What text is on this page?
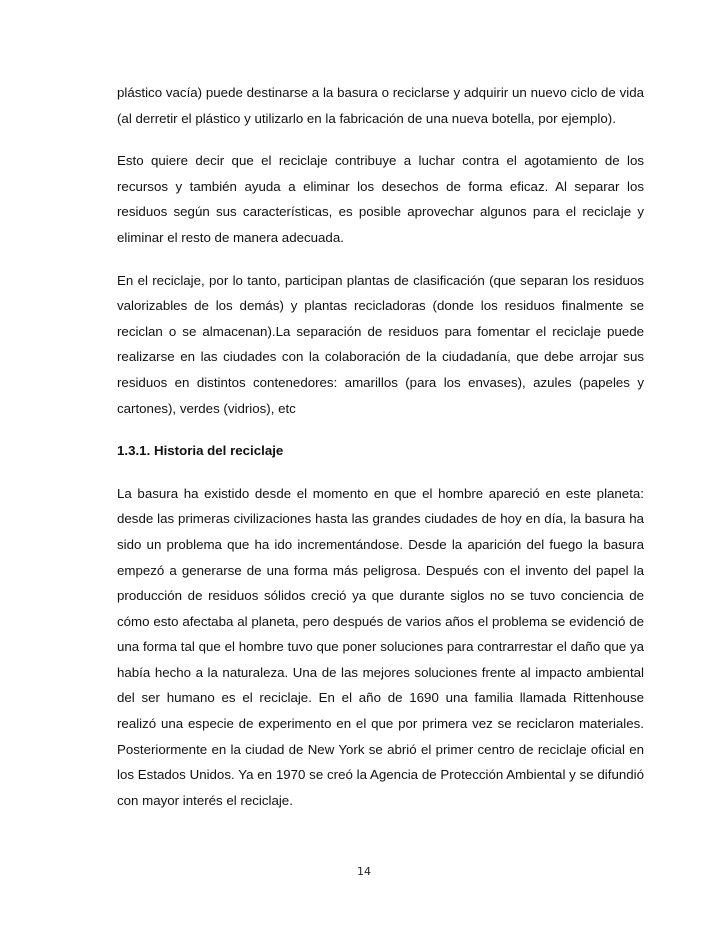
plástico vacía) puede destinarse a la basura o reciclarse y adquirir un nuevo ciclo de vida (al derretir el plástico y utilizarlo en la fabricación de una nueva botella, por ejemplo).

Esto quiere decir que el reciclaje contribuye a luchar contra el agotamiento de los recursos y también ayuda a eliminar los desechos de forma eficaz. Al separar los residuos según sus características, es posible aprovechar algunos para el reciclaje y eliminar el resto de manera adecuada.

En el reciclaje, por lo tanto, participan plantas de clasificación (que separan los residuos valorizables de los demás) y plantas recicladoras (donde los residuos finalmente se reciclan o se almacenan).La separación de residuos para fomentar el reciclaje puede realizarse en las ciudades con la colaboración de la ciudadanía, que debe arrojar sus residuos en distintos contenedores: amarillos (para los envases), azules (papeles y cartones), verdes (vidrios), etc

1.3.1. Historia del reciclaje

La basura ha existido desde el momento en que el hombre apareció en este planeta: desde las primeras civilizaciones hasta las grandes ciudades de hoy en día, la basura ha sido un problema que ha ido incrementándose. Desde la aparición del fuego la basura empezó a generarse de una forma más peligrosa. Después con el invento del papel la producción de residuos sólidos creció ya que durante siglos no se tuvo conciencia de cómo esto afectaba al planeta, pero después de varios años el problema se evidenció de una forma tal que el hombre tuvo que poner soluciones para contrarrestar el daño que ya había hecho a la naturaleza. Una de las mejores soluciones frente al impacto ambiental del ser humano es el reciclaje. En el año de 1690 una familia llamada Rittenhouse realizó una especie de experimento en el que por primera vez se reciclaron materiales. Posteriormente en la ciudad de New York se abrió el primer centro de reciclaje oficial en los Estados Unidos. Ya en 1970 se creó la Agencia de Protección Ambiental y se difundió con mayor interés el reciclaje.

14
